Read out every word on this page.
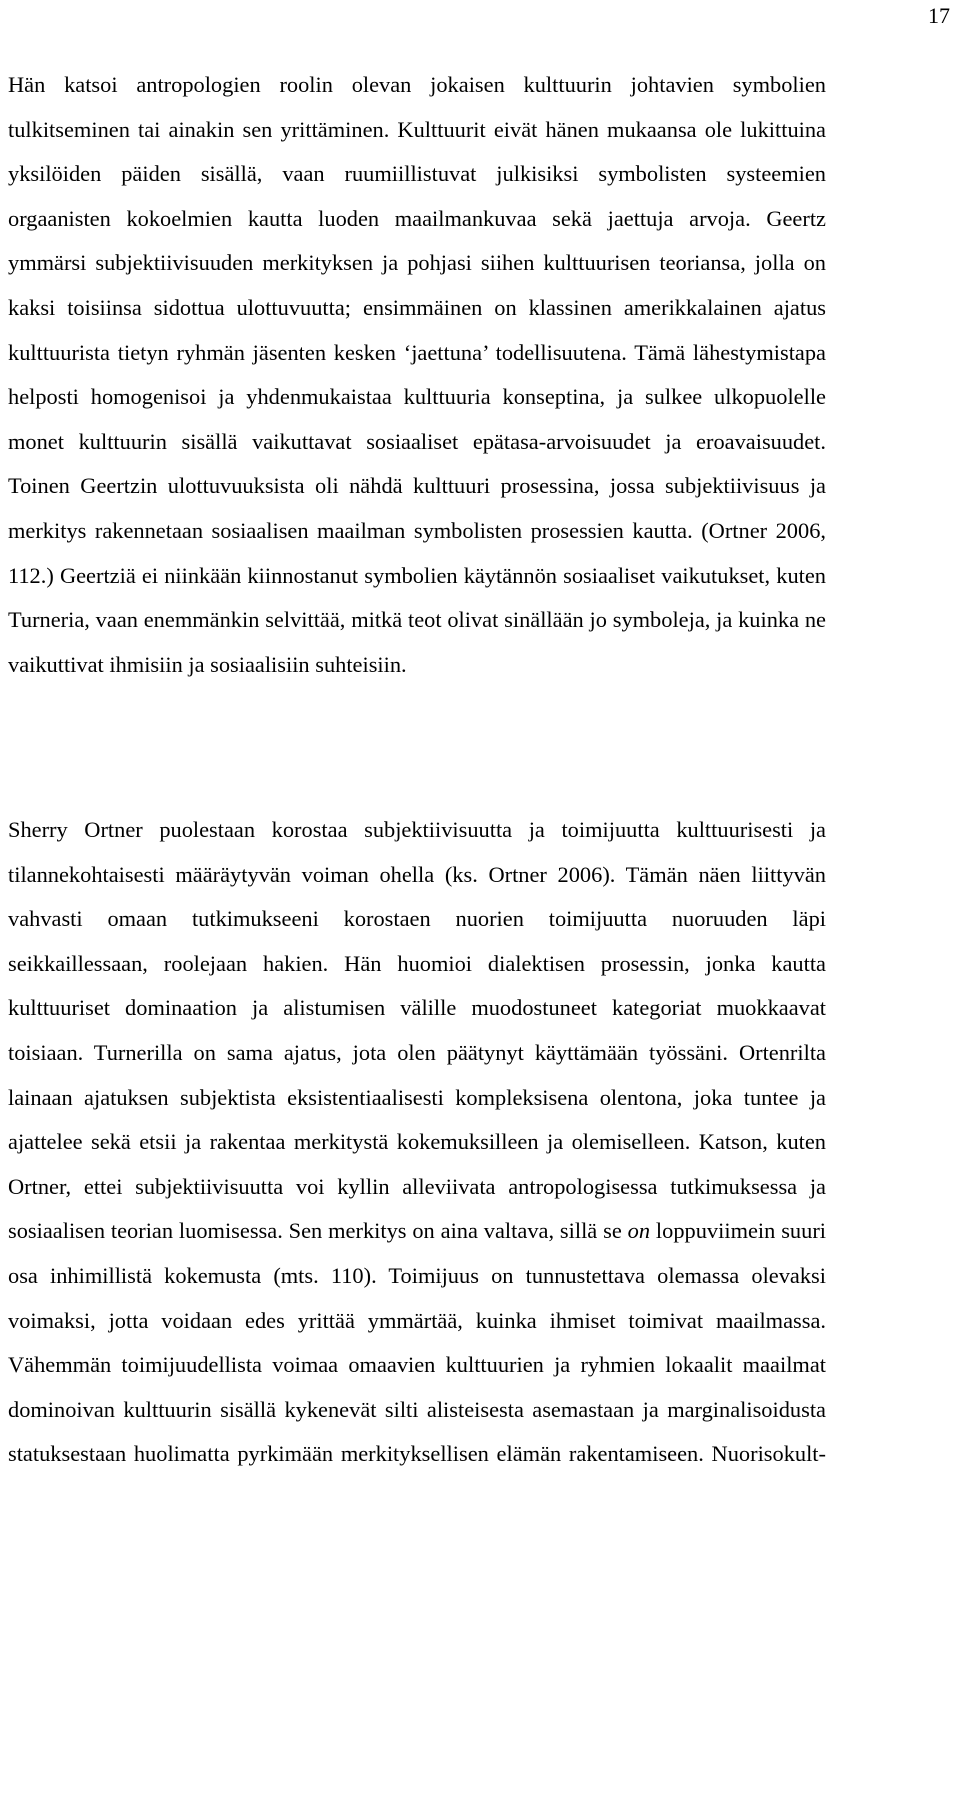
17

Hän katsoi antropologien roolin olevan jokaisen kulttuurin johtavien symbolien tulkitseminen tai ainakin sen yrittäminen. Kulttuurit eivät hänen mukaansa ole lukittuina yksilöiden päiden sisällä, vaan ruumiillistuvat julkisiksi symbolisten systeemien orgaanisten kokoelmien kautta luoden maailmankuvaa sekä jaettuja arvoja. Geertz ymmärsi subjektiivisuuden merkityksen ja pohjasi siihen kulttuurisen teoriansa, jolla on kaksi toisiinsa sidottua ulottuvuutta; ensimmäinen on klassinen amerikkalainen ajatus kulttuurista tietyn ryhmän jäsenten kesken ‘jaettuna’ todellisuutena. Tämä lähestymistapa helposti homogenisoi ja yhdenmukaistaa kulttuuria konseptina, ja sulkee ulkopuolelle monet kulttuurin sisällä vaikuttavat sosiaaliset epätasa-arvoisuudet ja eroavaisuudet. Toinen Geertzin ulottuvuuksista oli nähdä kulttuuri prosessina, jossa subjektiivisuus ja merkitys rakennetaan sosiaalisen maailman symbolisten prosessien kautta. (Ortner 2006, 112.) Geertziä ei niinkään kiinnostanut symbolien käytännön sosiaaliset vaikutukset, kuten Turneria, vaan enemmänkin selvittää, mitkä teot olivat sinällään jo symboleja, ja kuinka ne vaikuttivat ihmisiin ja sosiaalisiin suhteisiin.

Sherry Ortner puolestaan korostaa subjektiivisuutta ja toimijuutta kulttuurisesti ja tilannekohtaisesti määräytyvän voiman ohella (ks. Ortner 2006). Tämän näen liittyvän vahvasti omaan tutkimukseeni korostaen nuorien toimijuutta nuoruuden läpi seikkaillessaan, roolejaan hakien. Hän huomioi dialektisen prosessin, jonka kautta kulttuuriset dominaation ja alistumisen välille muodostuneet kategoriat muokkaavat toisiaan. Turnerilla on sama ajatus, jota olen päätynyt käyttämään työssäni. Ortenrilta lainaan ajatuksen subjektista eksistentiaalisesti kompleksisena olentona, joka tuntee ja ajattelee sekä etsii ja rakentaa merkitystä kokemuksilleen ja olemiselleen. Katson, kuten Ortner, ettei subjektiivisuutta voi kyllin alleviivata antropologisessa tutkimuksessa ja sosiaalisen teorian luomisessa. Sen merkitys on aina valtava, sillä se on loppuviimein suuri osa inhimillistä kokemusta (mts. 110). Toimijuus on tunnustettava olemassa olevaksi voimaksi, jotta voidaan edes yrittää ymmärtää, kuinka ihmiset toimivat maailmassa. Vähemmän toimijuudellista voimaa omaavien kulttuurien ja ryhmien lokaalit maailmat dominoivan kulttuurin sisällä kykenevät silti alisteisesta asemastaan ja marginalisoidusta statuksestaan huolimatta pyrkimään merkityksellisen elämän rakentamiseen. Nuorisokult-
